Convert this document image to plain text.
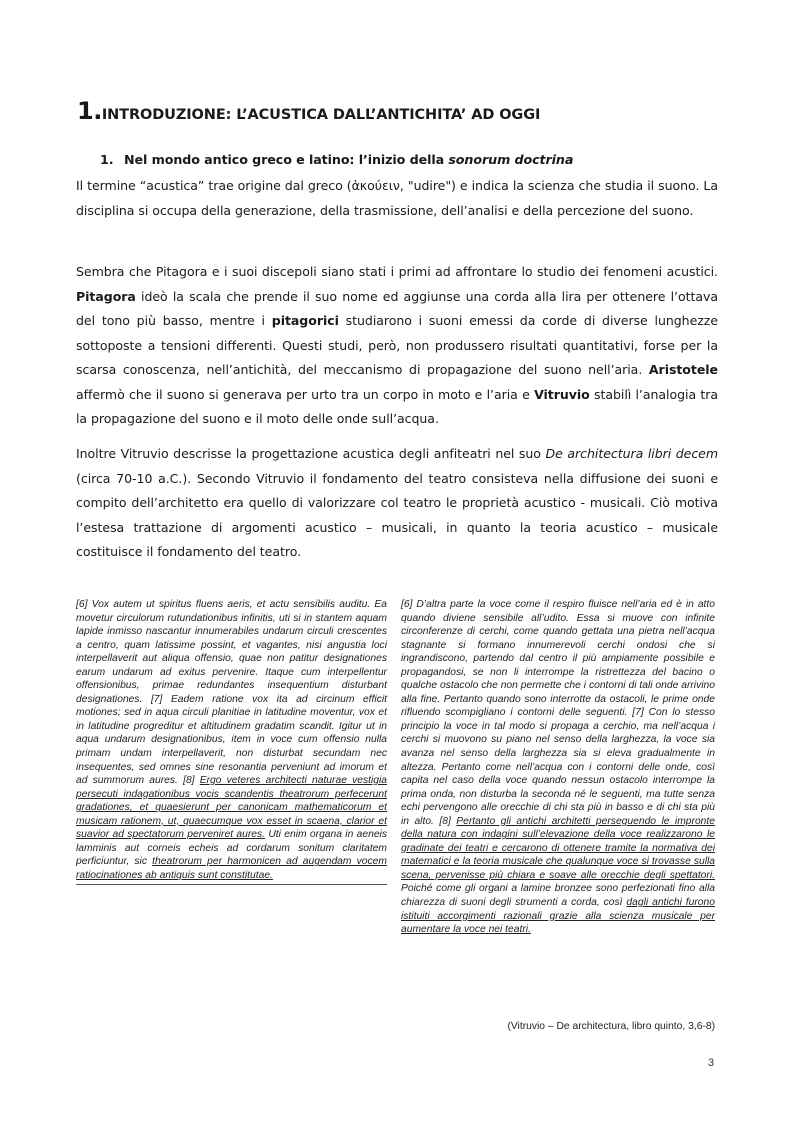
1.INTRODUZIONE: L’ACUSTICA DALL’ANTICHITA’ AD OGGI
1. Nel mondo antico greco e latino: l’inizio della sonorum doctrina

Il termine “acustica” trae origine dal greco (ἀκούειν, "udire") e indica la scienza che studia il suono. La disciplina si occupa della generazione, della trasmissione, dell’analisi e della percezione del suono.

Sembra che Pitagora e i suoi discepoli siano stati i primi ad affrontare lo studio dei fenomeni acustici. Pitagora ideò la scala che prende il suo nome ed aggiunse una corda alla lira per ottenere l’ottava del tono più basso, mentre i pitagorici studiarono i suoni emessi da corde di diverse lunghezze sottoposte a tensioni differenti. Questi studi, però, non produssero risultati quantitativi, forse per la scarsa conoscenza, nell’antichità, del meccanismo di propagazione del suono nell’aria. Aristotele affermò che il suono si generava per urto tra un corpo in moto e l’aria e Vitruvio stabilì l’analogia tra la propagazione del suono e il moto delle onde sull’acqua.

Inoltre Vitruvio descrisse la progettazione acustica degli anfiteatri nel suo De architectura libri decem (circa 70-10 a.C.). Secondo Vitruvio il fondamento del teatro consisteva nella diffusione dei suoni e compito dell’architetto era quello di valorizzare col teatro le proprietà acustico - musicali. Ciò motiva l’estesa trattazione di argomenti acustico – musicali, in quanto la teoria acustico – musicale costituisce il fondamento del teatro.

[6] Vox autem ut spiritus fluens aeris, et actu sensibilis auditu. Ea movetur circulorum rutundationibus infinitis, uti si in stantem aquam lapide inmisso nascantur innumerabiles undarum circuli crescentes a centro, quam latissime possint, et vagantes, nisi angustia loci interpellaverit aut aliqua offensio, quae non patitur designationes earum undarum ad exitus pervenire. Itaque cum interpellentur offensionibus, primae redundantes insequentium disturbant designationes. [7] Eadem ratione vox ita ad circinum efficit motiones; sed in aqua circuli planitiae in latitudine moventur, vox et in latitudine progreditur et altitudinem gradatim scandit. Igitur ut in aqua undarum designationibus, item in voce cum offensio nulla primam undam interpellaverit, non disturbat secundam nec insequentes, sed omnes sine resonantia perveniunt ad imorum et ad summorum aures. [8] Ergo veteres architecti naturae vestigia persecuti indagationibus vocis scandentis theatrorum perfecerunt gradationes, et quaesierunt per canonicam mathematicorum et musicam rationem, ut, quaecumque vox esset in scaena, clarior et suavior ad spectatorum perveniret aures. Uti enim organa in aeneis lamminis aut corneis echeis ad cordarum sonitum claritatem perficiuntur, sic theatrorum per harmonicen ad augendam vocem ratiocinationes ab antiquis sunt constitutae.
[6] D’altra parte la voce come il respiro fluisce nell’aria ed è in atto quando diviene sensibile all’udito. Essa si muove con infinite circonferenze di cerchi, come quando gettata una pietra nell’acqua stagnante si formano innumerevoli cerchi ondosi che si ingrandiscono, partendo dal centro il più ampiamente possibile e propagandosi, se non li interrompe la ristrettezza del bacino o qualche ostacolo che non permette che i contorni di tali onde arrivino alla fine. Pertanto quando sono interrotte da ostacoli, le prime onde rifluendo scompigliano i contorni delle seguenti. [7] Con lo stesso principio la voce in tal modo si propaga a cerchio, ma nell’acqua i cerchi si muovono su piano nel senso della larghezza, la voce sia avanza nel senso della larghezza sia si eleva gradualmente in altezza. Pertanto come nell’acqua con i contorni delle onde, così capita nel caso della voce quando nessun ostacolo interrompe la prima onda, non disturba la seconda né le seguenti, ma tutte senza echi pervengono alle orecchie di chi sta più in basso e di chi sta più in alto. [8] Pertanto gli antichi architetti perseguendo le impronte della natura con indagini sull’elevazione della voce realizzarono le gradinate dei teatri e cercarono di ottenere tramite la normativa dei matematici e la teoria musicale che qualunque voce si trovasse sulla scena, pervenisse più chiara e soave alle orecchie degli spettatori. Poiché come gli organi a lamine bronzee sono perfezionati fino alla chiarezza di suoni degli strumenti a corda, così dagli antichi furono istituiti accorgimenti razionali grazie alla scienza musicale per aumentare la voce nei teatri.
(Vitruvio – De architectura, libro quinto, 3,6-8)
3
